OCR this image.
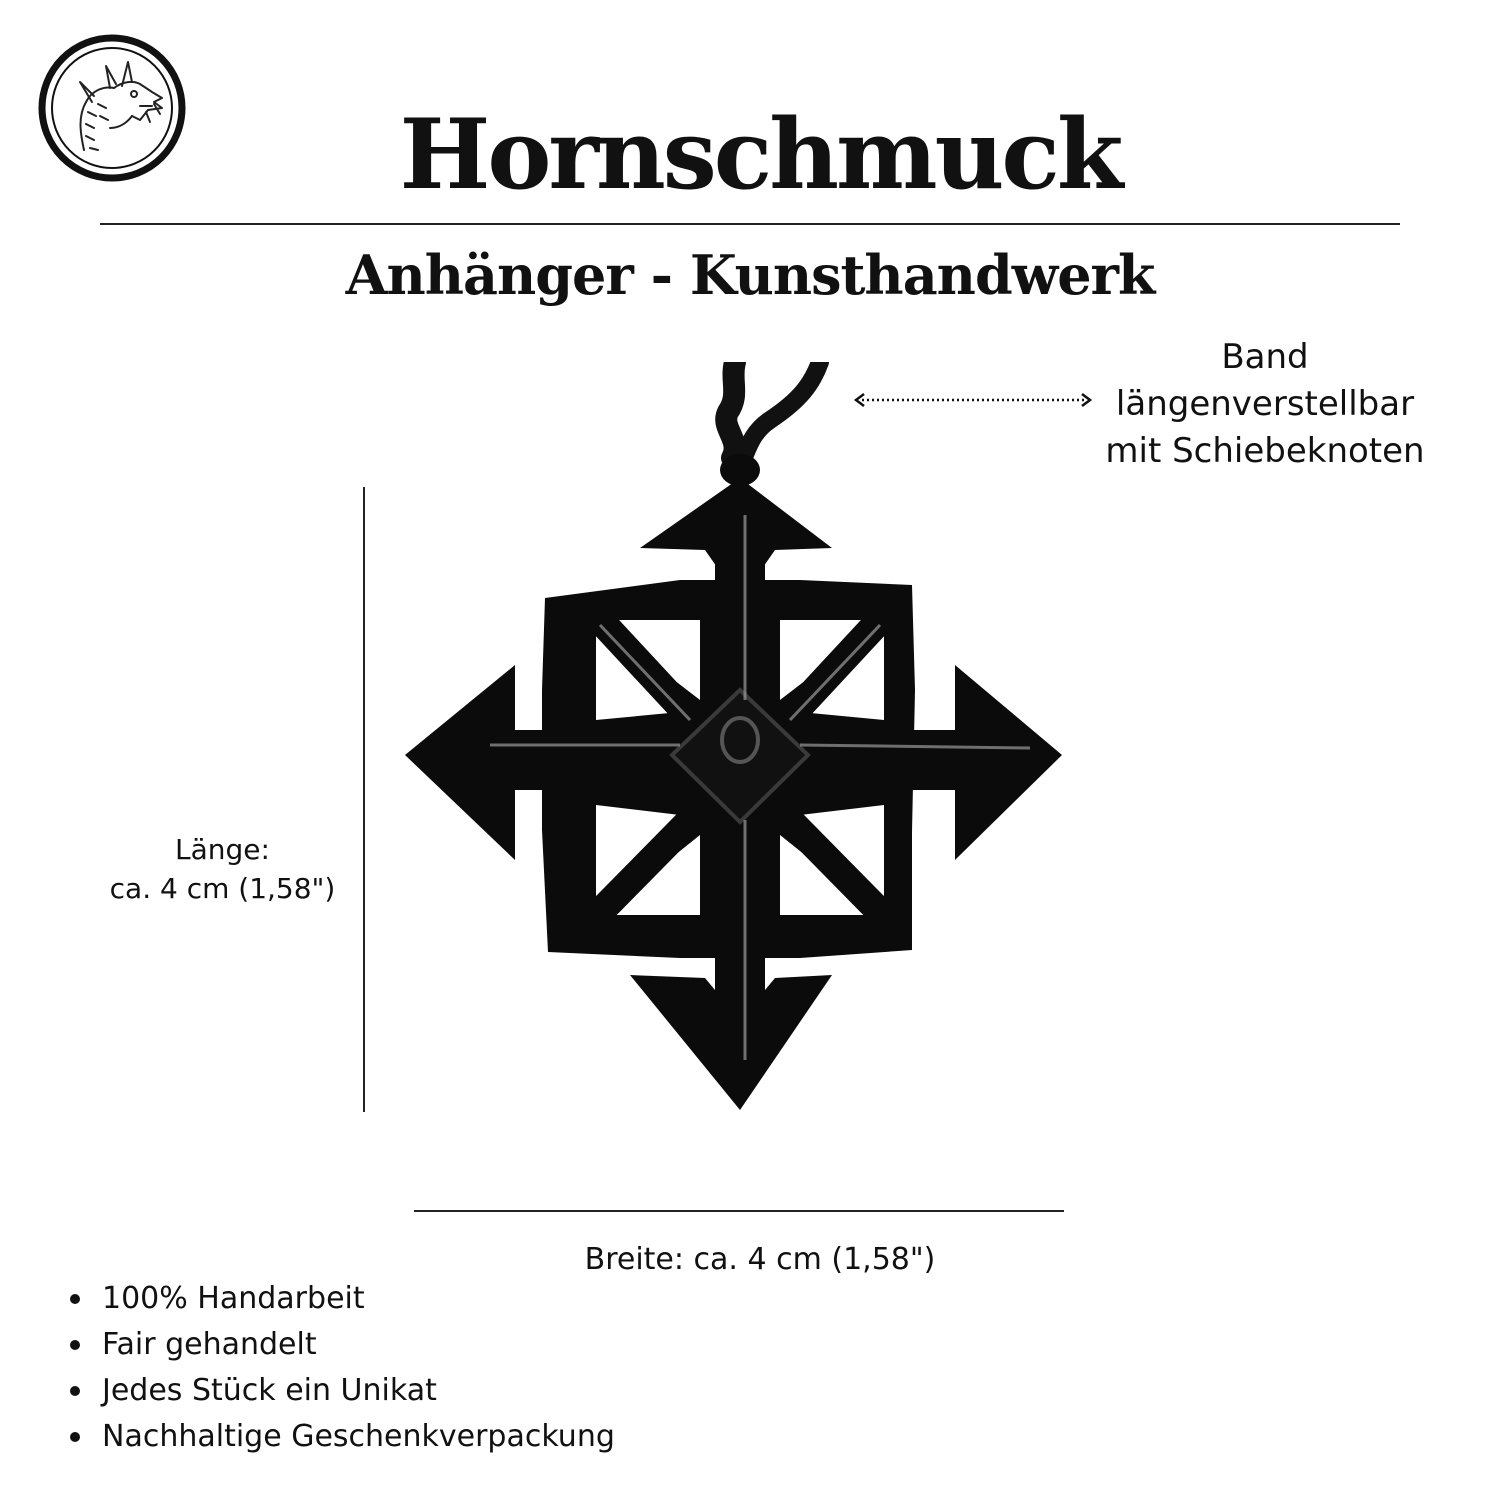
Hornschmuck
Anhänger - Kunsthandwerk
Band
längenverstellbar
mit Schiebeknoten
Länge:
ca. 4 cm (1,58")
Breite: ca. 4 cm (1,58")
100% Handarbeit
Fair gehandelt
Jedes Stück ein Unikat
Nachhaltige Geschenkverpackung
